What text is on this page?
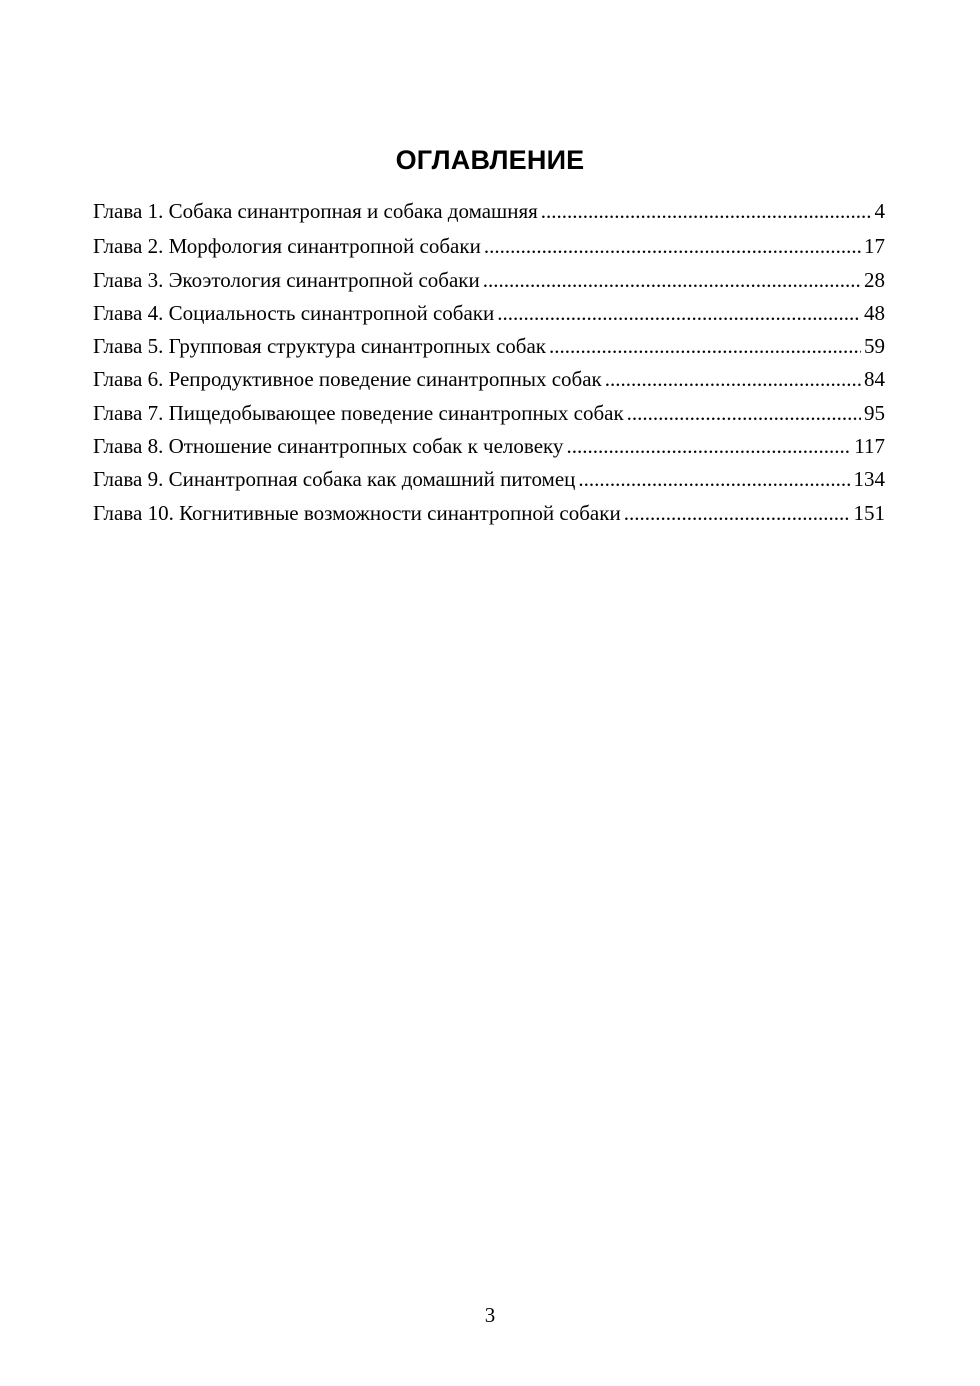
ОГЛАВЛЕНИЕ
Глава 1. Собака синантропная и собака домашняя .....	4
Глава 2. Морфология синантропной собаки .....	17
Глава 3. Экоэтология синантропной собаки .....	28
Глава 4. Социальность синантропной собаки .....	48
Глава 5. Групповая структура синантропных собак .....	59
Глава 6. Репродуктивное поведение синантропных собак .....	84
Глава 7. Пищедобывающее поведение синантропных собак .....	95
Глава 8. Отношение синантропных собак к человеку .....	117
Глава 9. Синантропная собака как домашний питомец .....	134
Глава 10. Когнитивные возможности синантропной собаки .....	151
3
